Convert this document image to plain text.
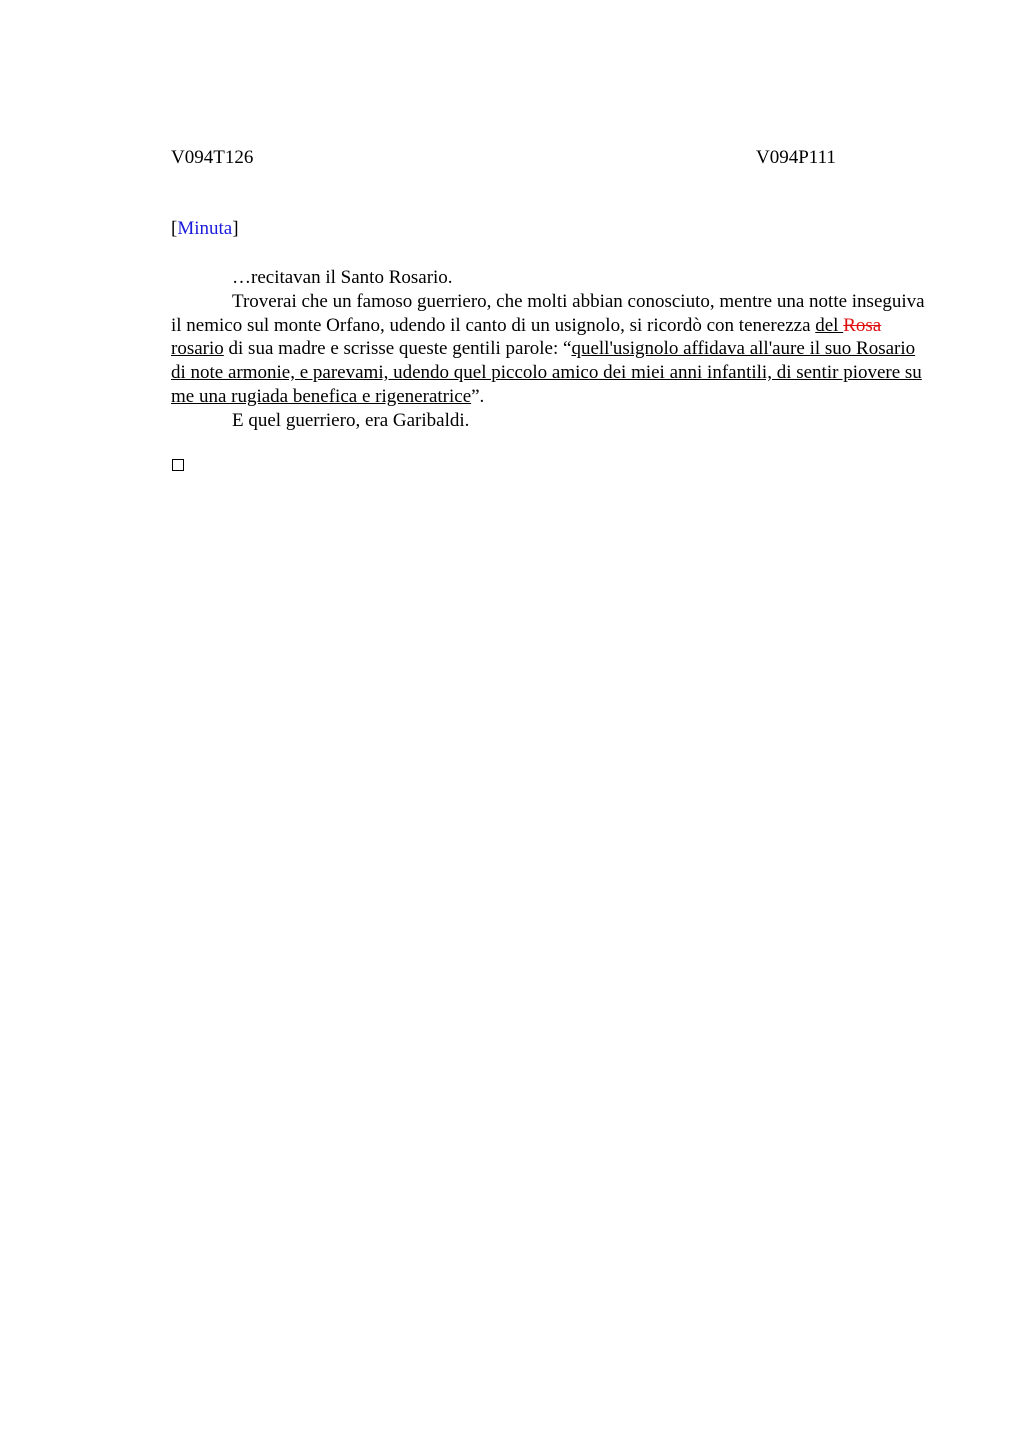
V094T126	V094P111
[Minuta]

…recitavan il Santo Rosario.

Troverai che un famoso guerriero, che molti abbian conosciuto, mentre una notte inseguiva il nemico sul monte Orfano, udendo il canto di un usignolo, si ricordò con tenerezza del Rosa rosario di sua madre e scrisse queste gentili parole: “quell'usignolo affidava all'aure il suo Rosario di note armonie, e parevami, udendo quel piccolo amico dei miei anni infantili, di sentir piovere su me una rugiada benefica e rigeneratrice”.

E quel guerriero, era Garibaldi.
